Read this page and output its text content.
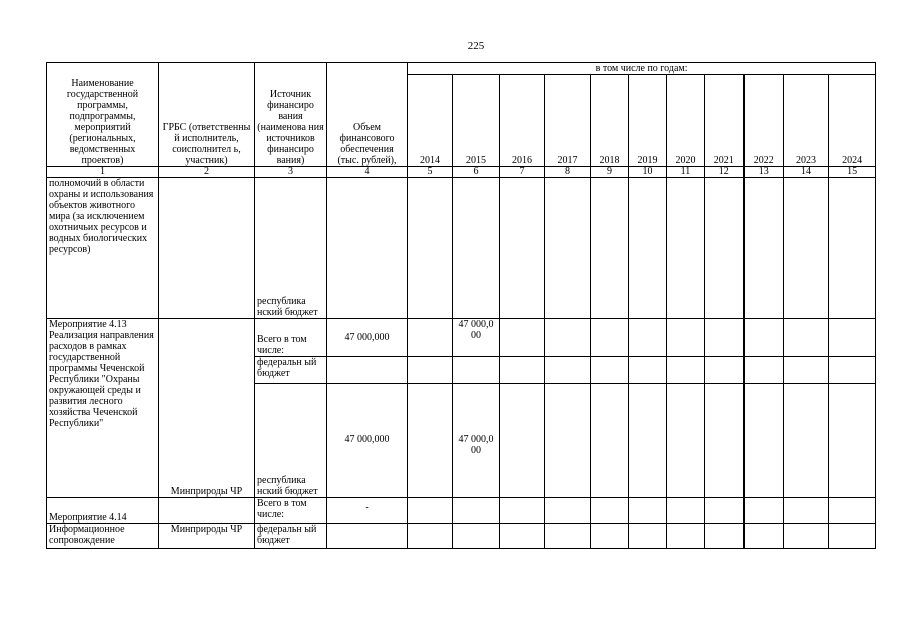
225
Наименование государственной программы, подпрограммы, мероприятий (региональных, ведомственных проектов)	ГРБС (ответственны й исполнитель, соисполнител ь, участник)	Источник финансиро вания (наименова ния источников финансиро вания)	Объем финансового обеспечения (тыс. рублей),	в том числе по годам:										
				2014	2015	2016	2017	2018	2019	2020	2021	2022	2023	2024
1	2	3	4	5	6	7	8	9	10	11	12	13	14	15
полномочий в области охраны и использования объектов животного мира (за исключением охотничьих ресурсов и водных биологических ресурсов)		республика нский бюджет												
Мероприятие 4.13 Реализация направления расходов в рамках государственной программы Чеченской Республики "Охраны окружающей среды и развития лесного хозяйства Чеченской Республики"	Минприроды ЧР	Всего в том числе:	47 000,000		47 000,0 00									
		федеральн ый бюджет												
		республика нский бюджет	47 000,000		47 000,0 00									
Мероприятие 4.14		Всего в том числе:	-											
Информационное сопровождение	Минприроды ЧР	федеральн ый бюджет												
